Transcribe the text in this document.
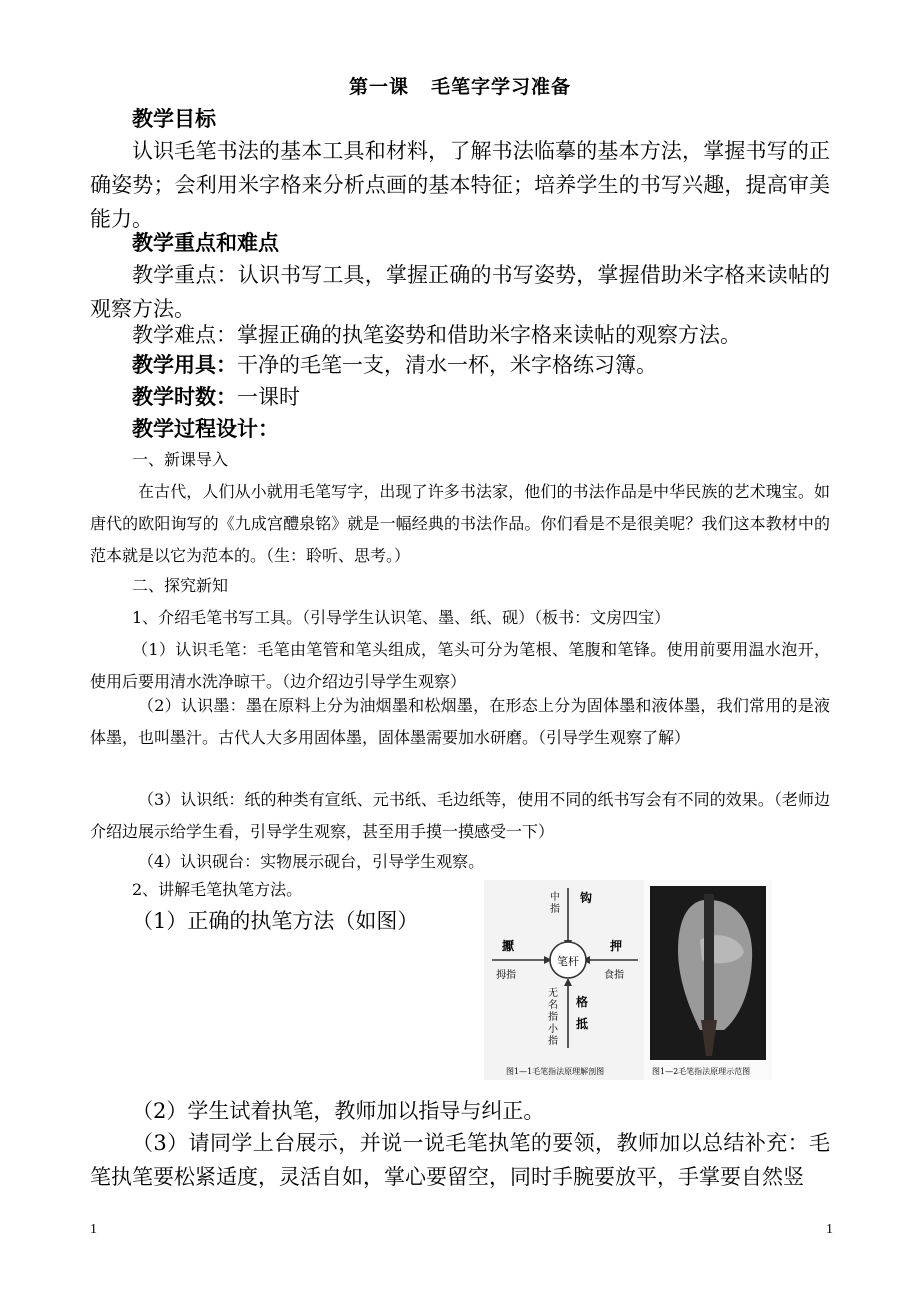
第一课 毛笔字学习准备

教学目标

认识毛笔书法的基本工具和材料，了解书法临摹的基本方法，掌握书写的正确姿势；会利用米字格来分析点画的基本特征；培养学生的书写兴趣，提高审美能力。

教学重点和难点

教学重点：认识书写工具，掌握正确的书写姿势，掌握借助米字格来读帖的观察方法。

教学难点：掌握正确的执笔姿势和借助米字格来读帖的观察方法。

教学用具：干净的毛笔一支，清水一杯，米字格练习簿。

教学时数：一课时

教学过程设计：

一、新课导入

在古代，人们从小就用毛笔写字，出现了许多书法家，他们的书法作品是中华民族的艺术瑰宝。如唐代的欧阳询写的《九成宫醴泉铭》就是一幅经典的书法作品。你们看是不是很美呢？我们这本教材中的范本就是以它为范本的。（生：聆听、思考。）

二、探究新知

1、介绍毛笔书写工具。（引导学生认识笔、墨、纸、砚）（板书：文房四宝）

（1）认识毛笔：毛笔由笔管和笔头组成，笔头可分为笔根、笔腹和笔锋。使用前要用温水泡开，使用后要用清水洗净晾干。（边介绍边引导学生观察）

（2）认识墨：墨在原料上分为油烟墨和松烟墨，在形态上分为固体墨和液体墨，我们常用的是液体墨，也叫墨汁。古代人大多用固体墨，固体墨需要加水研磨。（引导学生观察了解）

（3）认识纸：纸的种类有宣纸、元书纸、毛边纸等，使用不同的纸书写会有不同的效果。（老师边介绍边展示给学生看，引导学生观察，甚至用手摸一摸感受一下）

（4）认识砚台：实物展示砚台，引导学生观察。

2、讲解毛笔执笔方法。

（1）正确的执笔方法（如图）

笔杆
钩
中指
擫
拇指
押
食指
无名指小指
格抵
图1—1毛笔指法原理解剖图	图1—2毛笔指法原理示范图

（2）学生试着执笔，教师加以指导与纠正。

（3）请同学上台展示，并说一说毛笔执笔的要领，教师加以总结补充：毛笔执笔要松紧适度，灵活自如，掌心要留空，同时手腕要放平，手掌要自然竖

1	1
